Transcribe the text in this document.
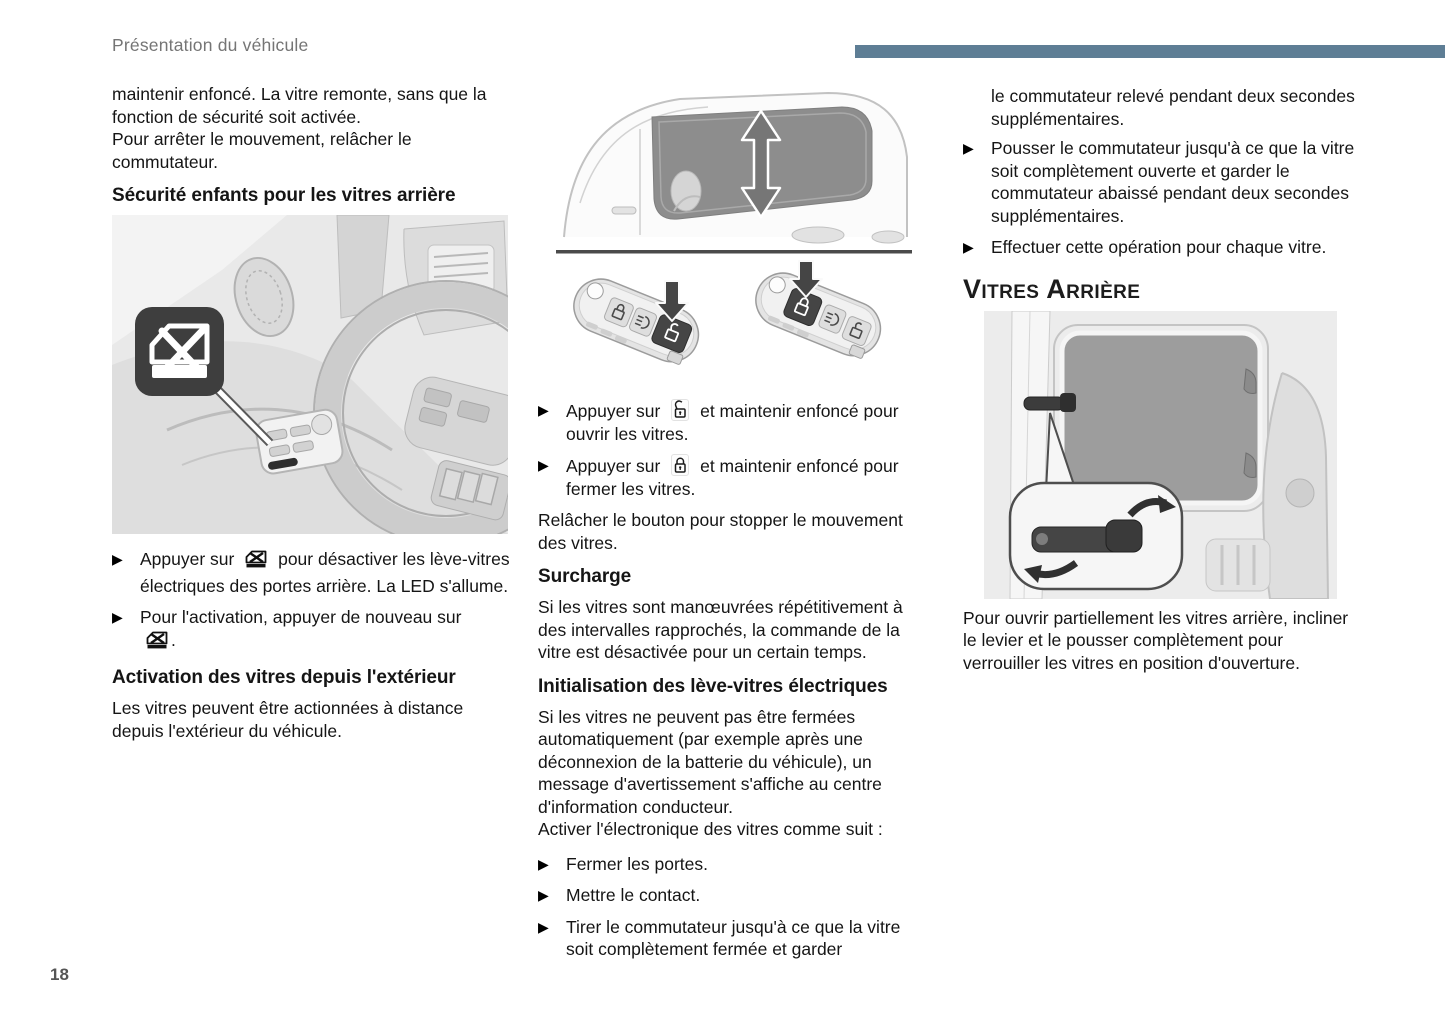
Présentation du véhicule

maintenir enfoncé. La vitre remonte, sans que la fonction de sécurité soit activée.

Pour arrêter le mouvement, relâcher le commutateur.

Sécurité enfants pour les vitres arrière
▶ Appuyer sur  pour désactiver les lève-vitres électriques des portes arrière. La LED s'allume.
▶ Pour l'activation, appuyer de nouveau sur
.
Activation des vitres depuis l'extérieur

Les vitres peuvent être actionnées à distance depuis l'extérieur du véhicule.

▶ Appuyer sur  et maintenir enfoncé pour ouvrir les vitres.
▶ Appuyer sur  et maintenir enfoncé pour fermer les vitres.

Relâcher le bouton pour stopper le mouvement des vitres.

Surcharge

Si les vitres sont manœuvrées répétitivement à des intervalles rapprochés, la commande de la vitre est désactivée pour un certain temps.

Initialisation des lève-vitres électriques

Si les vitres ne peuvent pas être fermées automatiquement (par exemple après une déconnexion de la batterie du véhicule), un message d'avertissement s'affiche au centre d'information conducteur.

Activer l'électronique des vitres comme suit :

▶ Fermer les portes.
▶ Mettre le contact.
▶ Tirer le commutateur jusqu'à ce que la vitre soit complètement fermée et garder

le commutateur relevé pendant deux secondes supplémentaires.

▶ Pousser le commutateur jusqu'à ce que la vitre soit complètement ouverte et garder le commutateur abaissé pendant deux secondes supplémentaires.
▶ Effectuer cette opération pour chaque vitre.
Vitres Arrière

Pour ouvrir partiellement les vitres arrière, incliner le levier et le pousser complètement pour verrouiller les vitres en position d'ouverture.

18
